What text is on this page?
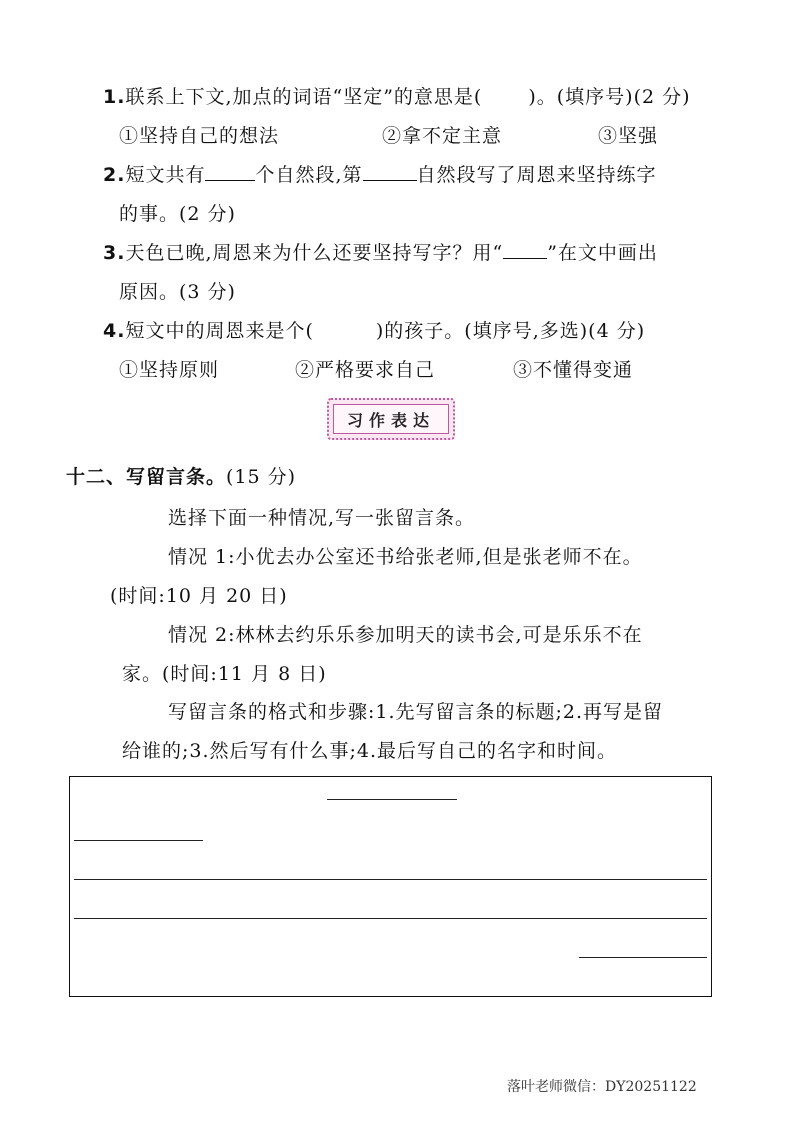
1.联系上下文,加点的词语“坚定”的意思是( )。(填序号)(2 分)
①坚持自己的想法	②拿不定主意	③坚强
2.短文共有	个自然段,第	自然段写了周恩来坚持练字
的事。(2 分)
3.天色已晚,周恩来为什么还要坚持写字？用“ ”在文中画出
原因。(3 分)
4.短文中的周恩来是个(	)的孩子。(填序号,多选)(4 分)
①坚持原则	②严格要求自己	③不懂得变通
习作表达
十二、写留言条。(15 分)
选择下面一种情况,写一张留言条。
情况 1:小优去办公室还书给张老师,但是张老师不在。
(时间:10 月 20 日)
情况 2:林林去约乐乐参加明天的读书会,可是乐乐不在
家。(时间:11 月 8 日)
写留言条的格式和步骤:1.先写留言条的标题;2.再写是留
给谁的;3.然后写有什么事;4.最后写自己的名字和时间。
落叶老师微信：DY20251122
